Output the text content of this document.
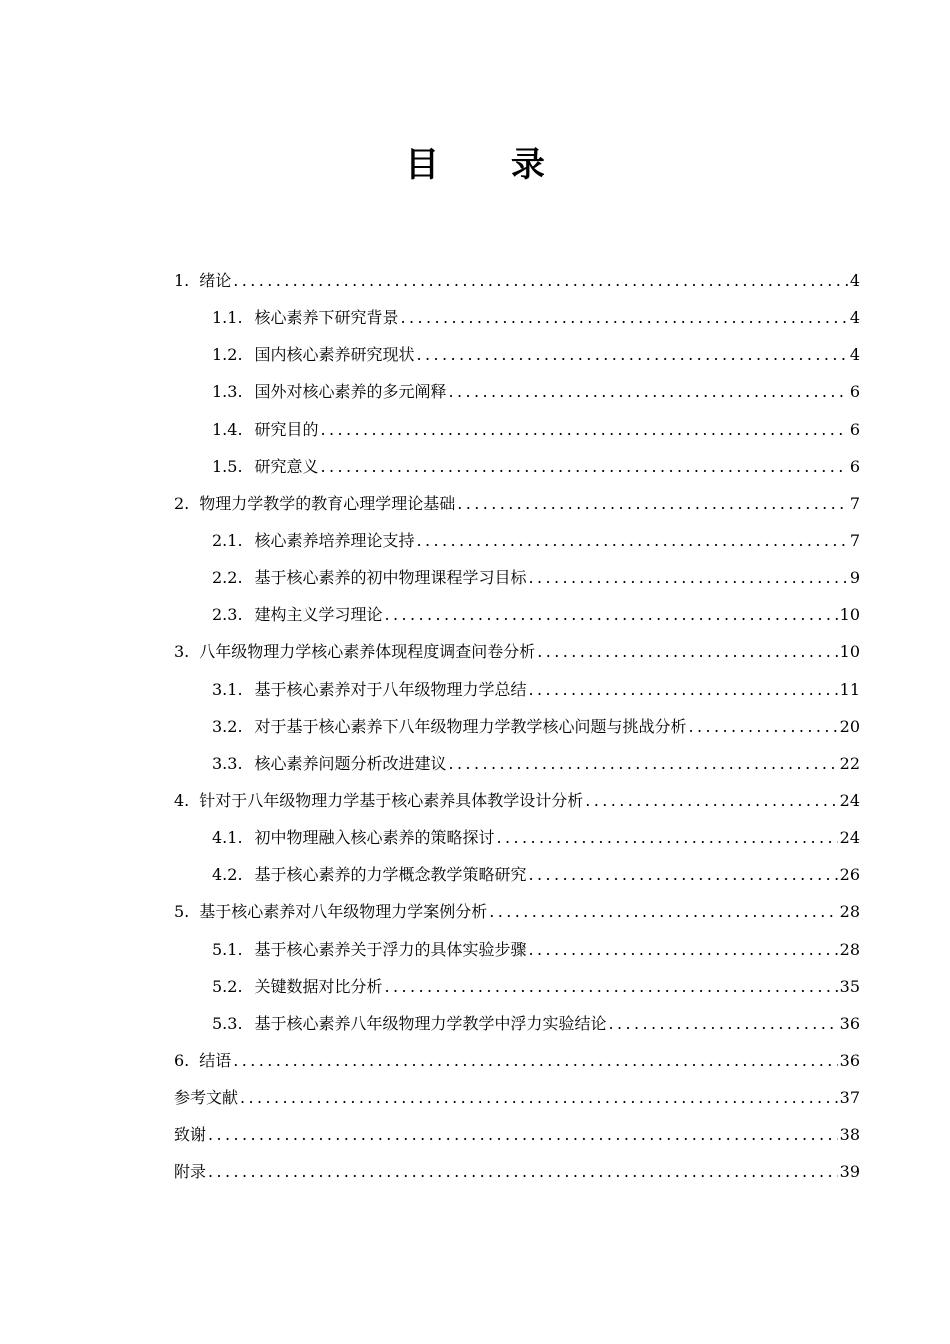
目 录
1. 绪论 .....	4
1.1. 核心素养下研究背景 .....	4
1.2. 国内核心素养研究现状 .....	4
1.3. 国外对核心素养的多元阐释 .....	6
1.4. 研究目的 .....	6
1.5. 研究意义 .....	6
2. 物理力学教学的教育心理学理论基础 .....	7
2.1. 核心素养培养理论支持 .....	7
2.2. 基于核心素养的初中物理课程学习目标 .....	9
2.3. 建构主义学习理论 .....	10
3. 八年级物理力学核心素养体现程度调查问卷分析 .....	10
3.1. 基于核心素养对于八年级物理力学总结 .....	11
3.2. 对于基于核心素养下八年级物理力学教学核心问题与挑战分析 .....	20
3.3. 核心素养问题分析改进建议 .....	22
4. 针对于八年级物理力学基于核心素养具体教学设计分析 .....	24
4.1. 初中物理融入核心素养的策略探讨 .....	24
4.2. 基于核心素养的力学概念教学策略研究 .....	26
5. 基于核心素养对八年级物理力学案例分析 .....	28
5.1. 基于核心素养关于浮力的具体实验步骤 .....	28
5.2. 关键数据对比分析 .....	35
5.3. 基于核心素养八年级物理力学教学中浮力实验结论 .....	36
6. 结语 .....	36
参考文献 .....	37
致谢 .....	38
附录 .....	39
